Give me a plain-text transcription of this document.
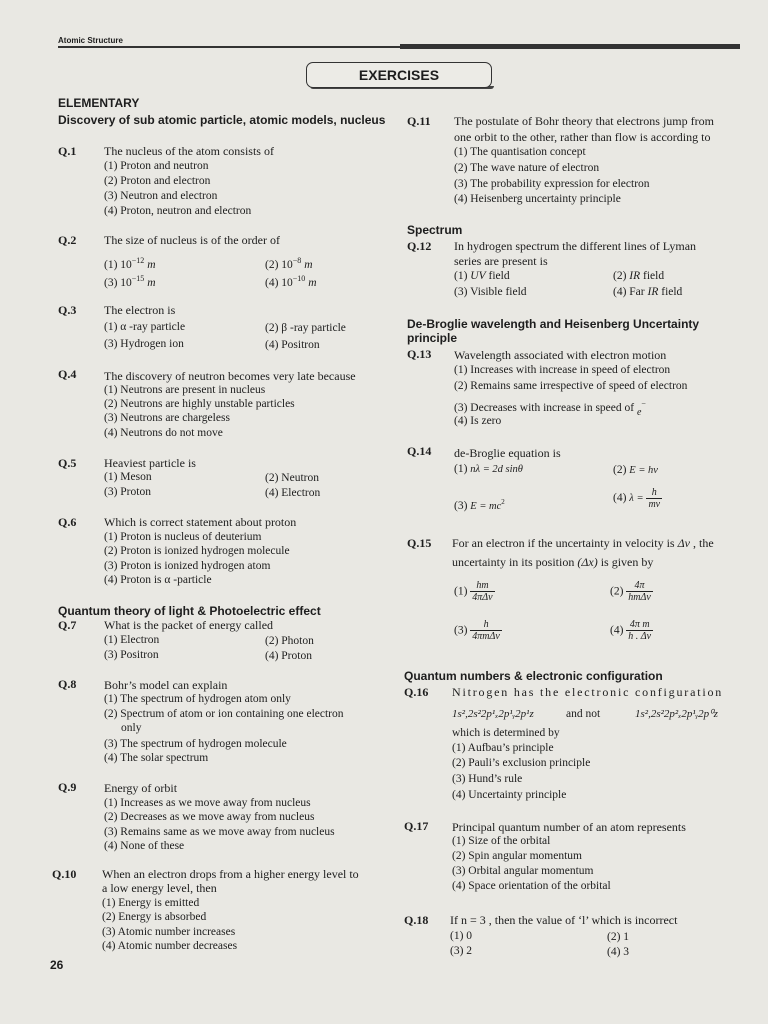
Atomic Structure
EXERCISES
ELEMENTARY
Discovery of sub atomic particle, atomic models, nucleus
Q.1 The nucleus of the atom consists of
(1) Proton and neutron
(2) Proton and electron
(3) Neutron and electron
(4) Proton, neutron and electron
Q.2 The size of nucleus is of the order of
(1) $10^{-12}$ m	(2) $10^{-8}$ m
(3) $10^{-15}$ m	(4) $10^{-10}$ m
Q.3 The electron is
(1) α -ray particle	(2) β -ray particle
(3) Hydrogen ion	(4) Positron
Q.4 The discovery of neutron becomes very late because
(1) Neutrons are present in nucleus
(2) Neutrons are highly unstable particles
(3) Neutrons are chargeless
(4) Neutrons do not move
Q.5 Heaviest particle is
(1) Meson	(2) Neutron
(3) Proton	(4) Electron
Q.6 Which is correct statement about proton
(1) Proton is nucleus of deuterium
(2) Proton is ionized hydrogen molecule
(3) Proton is ionized hydrogen atom
(4) Proton is α -particle
Quantum theory of light & Photoelectric effect
Q.7 What is the packet of energy called
(1) Electron	(2) Photon
(3) Positron	(4) Proton
Q.8 Bohr’s model can explain
(1) The spectrum of hydrogen atom only
(2) Spectrum of atom or ion containing one electron
only
(3) The spectrum of hydrogen molecule
(4) The solar spectrum
Q.9 Energy of orbit
(1) Increases as we move away from nucleus
(2) Decreases as we move away from nucleus
(3) Remains same as we move away from nucleus
(4) None of these
Q.10 When an electron drops from a higher energy level to
a low energy level, then
(1) Energy is emitted
(2) Energy is absorbed
(3) Atomic number increases
(4) Atomic number decreases
26
Q.11 The postulate of Bohr theory that electrons jump from
one orbit to the other, rather than flow is according to
(1) The quantisation concept
(2) The wave nature of electron
(3) The probability expression for electron
(4) Heisenberg uncertainty principle
Spectrum
Q.12 In hydrogen spectrum the different lines of Lyman
series are present is
(1) UV field	(2) IR field
(3) Visible field	(4) Far IR field
De-Broglie wavelength and Heisenberg Uncertainty principle
Q.13 Wavelength associated with electron motion
(1) Increases with increase in speed of electron
(2) Remains same irrespective of speed of electron
(3) Decreases with increase in speed of e−
(4) Is zero
Q.14 de-Broglie equation is
(1) nλ = 2d sinθ	(2) E = hν
(3) $E = mc^2$	(4) $\lambda = \frac{h}{m\nu}$
Q.15 For an electron if the uncertainty in velocity is Δν , the
uncertainty in its position (Δx) is given by
$(1) \frac{hm}{\text{4πΔν}}$	$(2) \frac{4\pi}{\text{hmΔν}}$
$(3) \frac{h}{\text{4πmΔν}}$	$(4) \frac{\text{4π m}}{h . \Delta\nu}$
Quantum numbers & electronic configuration
Q.16 Nitrogen has the electronic configuration
1s²,2s²2p¹ₓ2p¹ᵧ2p¹z	and not	1s²,2s²2p²ₓ2p¹ᵧ2p⁰z
which is determined by
(1) Aufbau’s principle
(2) Pauli’s exclusion principle
(3) Hund’s rule
(4) Uncertainty principle
Q.17 Principal quantum number of an atom represents
(1) Size of the orbital
(2) Spin angular momentum
(3) Orbital angular momentum
(4) Space orientation of the orbital
Q.18 If n = 3 , then the value of ‘l’ which is incorrect
(1) 0	(2) 1
(3) 2	(4) 3
